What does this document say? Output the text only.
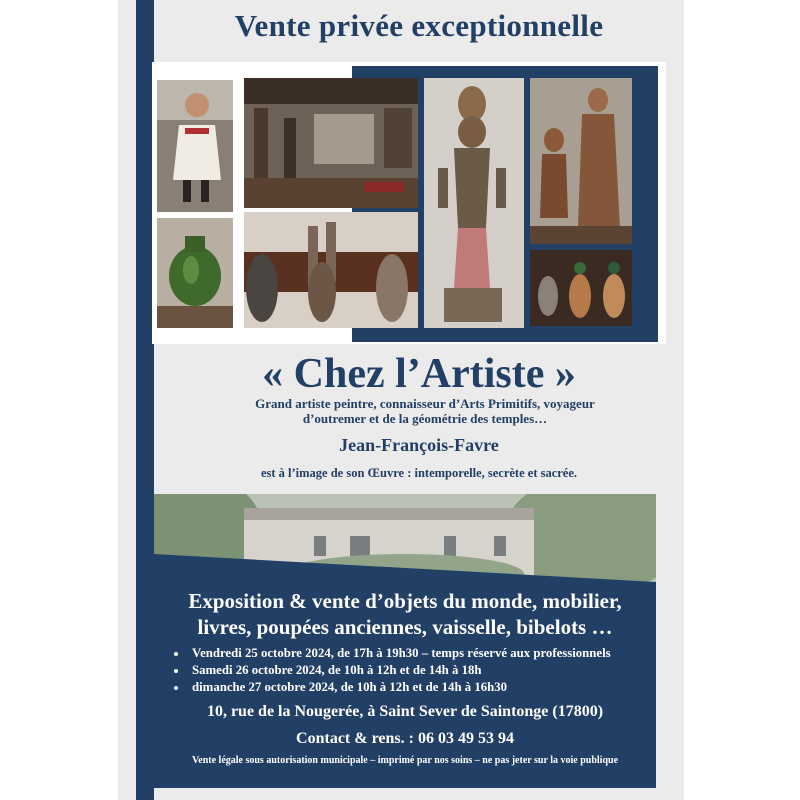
Vente privée exceptionnelle
« Chez l’Artiste »
Grand artiste peintre, connaisseur d’Arts Primitifs, voyageur
d’outremer et de la géométrie des temples…
Jean-François-Favre
est à l’image de son Œuvre : intemporelle, secrète et sacrée.
Exposition & vente d’objets du monde, mobilier,
livres, poupées anciennes, vaisselle, bibelots …
Vendredi 25 octobre 2024, de 17h à 19h30 – temps réservé aux professionnels
Samedi 26 octobre 2024, de 10h à 12h et de 14h à 18h
dimanche 27 octobre 2024, de 10h à 12h et de 14h à 16h30
10, rue de la Nougerée, à Saint Sever de Saintonge (17800)
Contact & rens. : 06 03 49 53 94
Vente légale sous autorisation municipale – imprimé par nos soins – ne pas jeter sur la voie publique
